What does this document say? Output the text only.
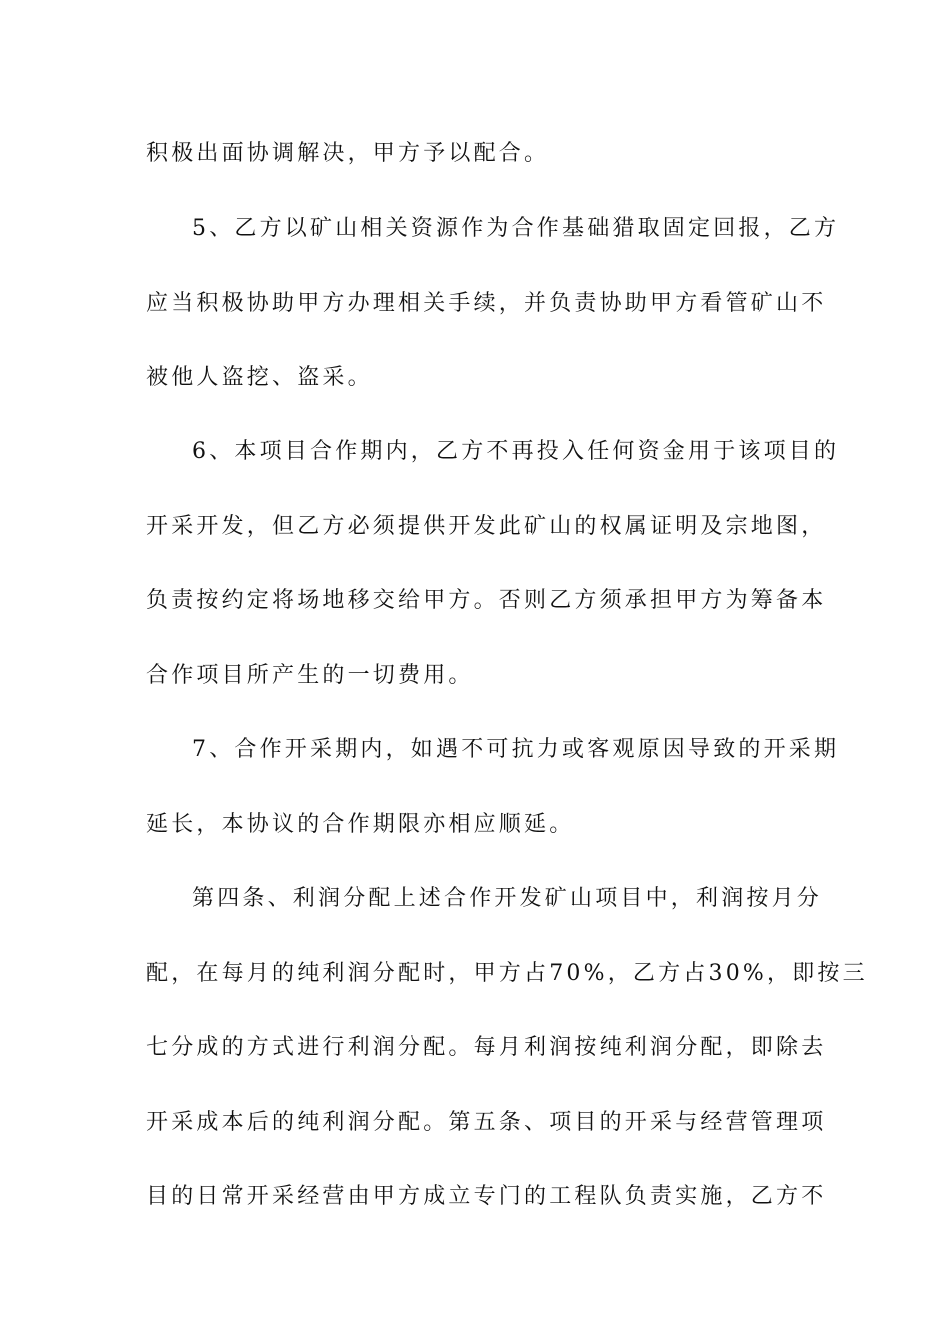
积极出面协调解决，甲方予以配合。
5、乙方以矿山相关资源作为合作基础猎取固定回报，乙方
应当积极协助甲方办理相关手续，并负责协助甲方看管矿山不
被他人盗挖、盗采。
6、本项目合作期内，乙方不再投入任何资金用于该项目的
开采开发，但乙方必须提供开发此矿山的权属证明及宗地图，
负责按约定将场地移交给甲方。否则乙方须承担甲方为筹备本
合作项目所产生的一切费用。
7、合作开采期内，如遇不可抗力或客观原因导致的开采期
延长，本协议的合作期限亦相应顺延。
第四条、利润分配上述合作开发矿山项目中，利润按月分
配，在每月的纯利润分配时，甲方占70%，乙方占30%，即按三
七分成的方式进行利润分配。每月利润按纯利润分配，即除去
开采成本后的纯利润分配。第五条、项目的开采与经营管理项
目的日常开采经营由甲方成立专门的工程队负责实施，乙方不
